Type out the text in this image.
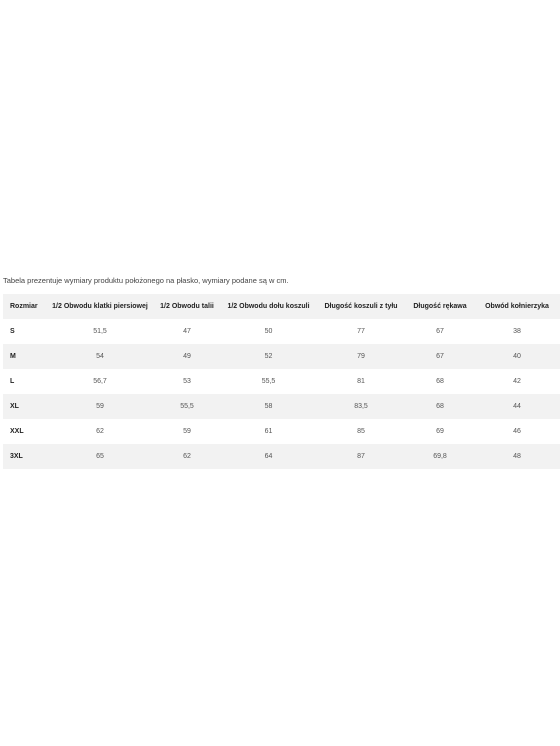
Tabela prezentuje wymiary produktu położonego na płasko, wymiary podane są w cm.
Rozmiar	1/2 Obwodu klatki piersiowej	1/2 Obwodu talii	1/2 Obwodu dołu koszuli	Długość koszuli z tyłu	Długość rękawa	Obwód kołnierzyka
S	51,5	47	50	77	67	38
M	54	49	52	79	67	40
L	56,7	53	55,5	81	68	42
XL	59	55,5	58	83,5	68	44
XXL	62	59	61	85	69	46
3XL	65	62	64	87	69,8	48
